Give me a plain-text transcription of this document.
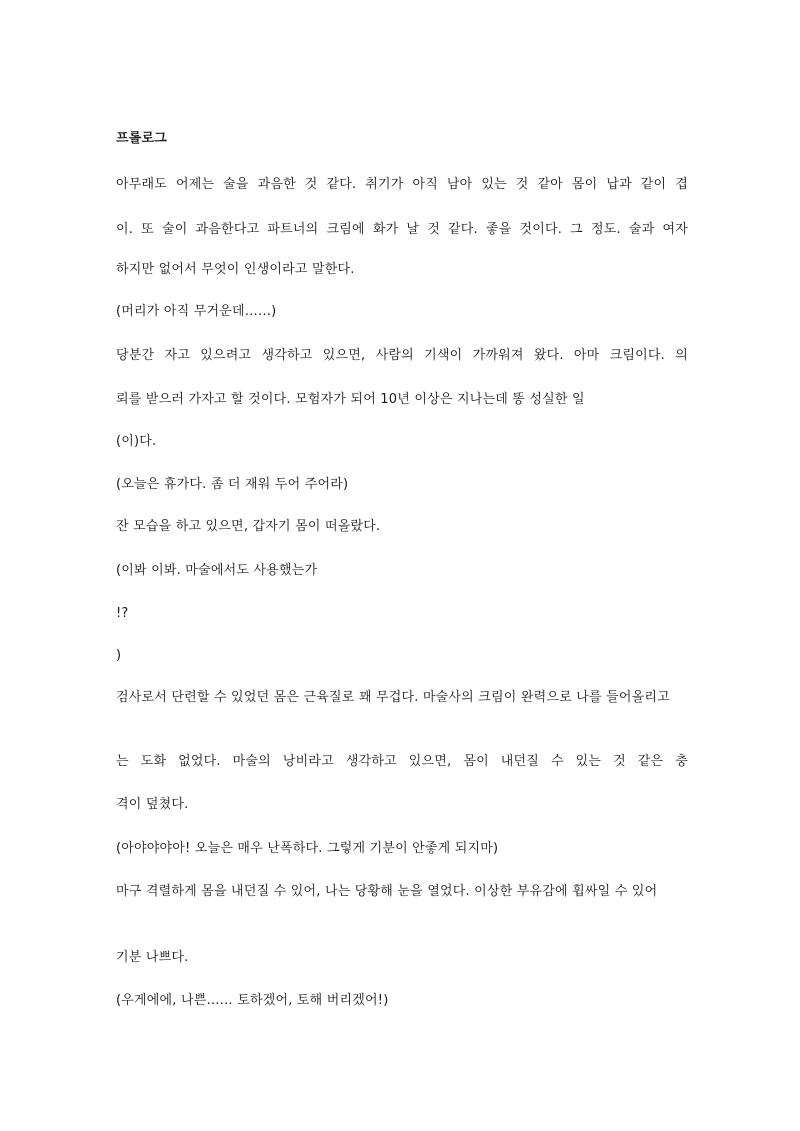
프롤로그
아무래도 어제는 술을 과음한 것 같다. 취기가 아직 남아 있는 것 같아 몸이 납과 같이 겹
이. 또 술이 과음한다고 파트너의 크림에 화가 날 것 같다. 좋을 것이다. 그 정도. 술과 여자
하지만 없어서 무엇이 인생이라고 말한다.
(머리가 아직 무거운데……)
당분간 자고 있으려고 생각하고 있으면, 사람의 기색이 가까워져 왔다. 아마 크림이다. 의
뢰를 받으러 가자고 할 것이다. 모험자가 되어 10년 이상은 지나는데 똥 성실한 일
(이)다.
(오늘은 휴가다. 좀 더 재워 두어 주어라)
잔 모습을 하고 있으면, 갑자기 몸이 떠올랐다.
(이봐 이봐. 마술에서도 사용했는가
!?
)
검사로서 단련할 수 있었던 몸은 근육질로 꽤 무겁다. 마술사의 크림이 완력으로 나를 들어올리고
는 도화 없었다. 마술의 낭비라고 생각하고 있으면, 몸이 내던질 수 있는 것 같은 충
격이 덮쳤다.
(아야야야아! 오늘은 매우 난폭하다. 그렇게 기분이 안좋게 되지마)
마구 격렬하게 몸을 내던질 수 있어, 나는 당황해 눈을 열었다. 이상한 부유감에 휩싸일 수 있어
기분 나쁘다.
(우게에에, 나쁜…… 토하겠어, 토해 버리겠어!)
